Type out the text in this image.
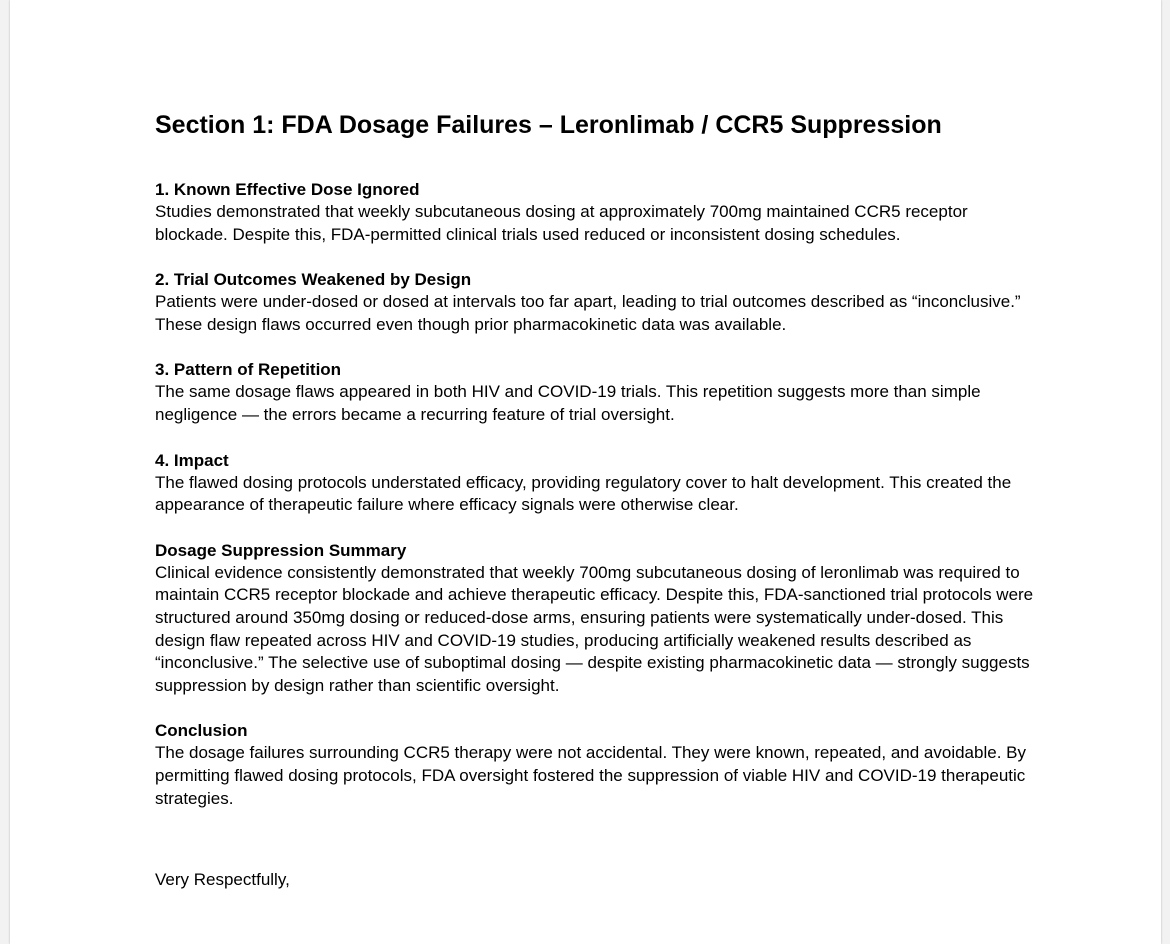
Section 1: FDA Dosage Failures – Leronlimab / CCR5 Suppression

1. Known Effective Dose Ignored

Studies demonstrated that weekly subcutaneous dosing at approximately 700mg maintained CCR5 receptor blockade. Despite this, FDA-permitted clinical trials used reduced or inconsistent dosing schedules.

2. Trial Outcomes Weakened by Design

Patients were under-dosed or dosed at intervals too far apart, leading to trial outcomes described as “inconclusive.” These design flaws occurred even though prior pharmacokinetic data was available.

3. Pattern of Repetition

The same dosage flaws appeared in both HIV and COVID-19 trials. This repetition suggests more than simple negligence — the errors became a recurring feature of trial oversight.

4. Impact

The flawed dosing protocols understated efficacy, providing regulatory cover to halt development. This created the appearance of therapeutic failure where efficacy signals were otherwise clear.

Dosage Suppression Summary

Clinical evidence consistently demonstrated that weekly 700mg subcutaneous dosing of leronlimab was required to maintain CCR5 receptor blockade and achieve therapeutic efficacy. Despite this, FDA-sanctioned trial protocols were structured around 350mg dosing or reduced-dose arms, ensuring patients were systematically under-dosed. This design flaw repeated across HIV and COVID-19 studies, producing artificially weakened results described as “inconclusive.” The selective use of suboptimal dosing — despite existing pharmacokinetic data — strongly suggests suppression by design rather than scientific oversight.

Conclusion

The dosage failures surrounding CCR5 therapy were not accidental. They were known, repeated, and avoidable. By permitting flawed dosing protocols, FDA oversight fostered the suppression of viable HIV and COVID-19 therapeutic strategies.

Very Respectfully,
